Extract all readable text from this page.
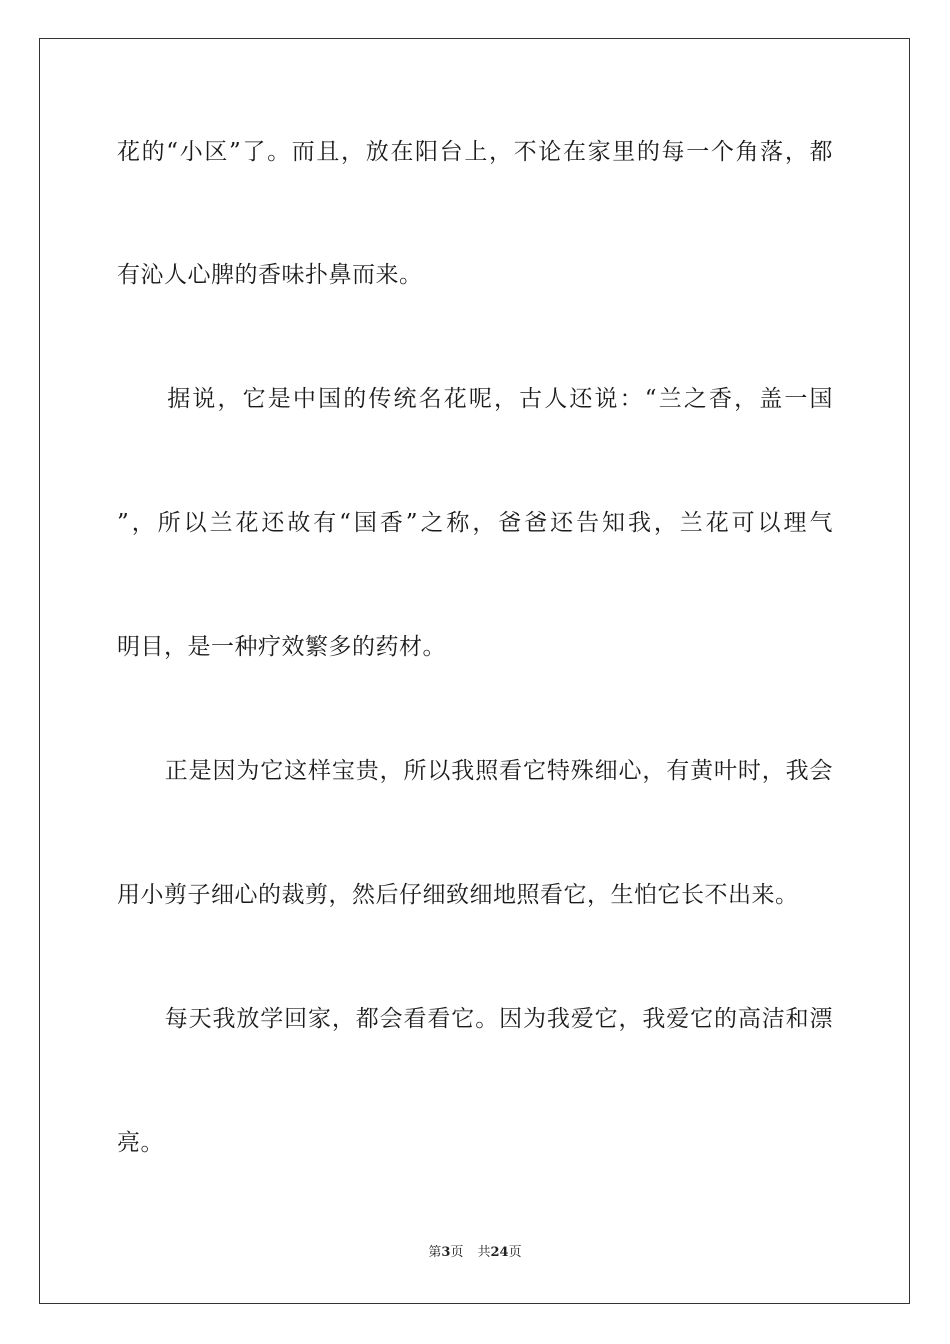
花的“小区”了。而且，放在阳台上，不论在家里的每一个角落，都
有沁人心脾的香味扑鼻而来。
　　据说，它是中国的传统名花呢，古人还说：“兰之香，盖一国
”，所以兰花还故有“国香”之称，爸爸还告知我，兰花可以理气
明目，是一种疗效繁多的药材。
　　正是因为它这样宝贵，所以我照看它特殊细心，有黄叶时，我会
用小剪子细心的裁剪，然后仔细致细地照看它，生怕它长不出来。
　　每天我放学回家，都会看看它。因为我爱它，我爱它的高洁和漂
亮。
第3页 共24页
